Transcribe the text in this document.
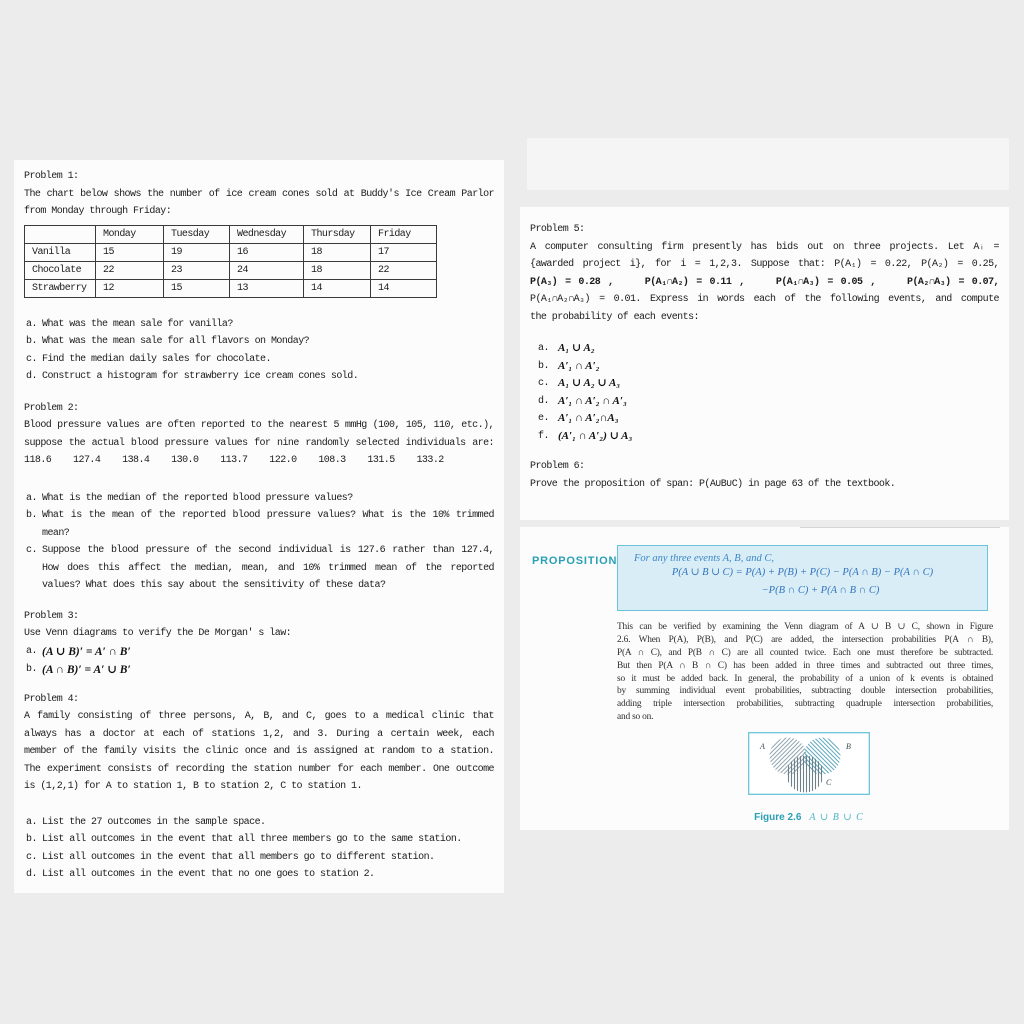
Problem 1:
The chart below shows the number of ice cream cones sold at Buddy's Ice Cream Parlor
from Monday through Friday:
	Monday	Tuesday	Wednesday	Thursday	Friday
Vanilla	15	19	16	18	17
Chocolate	22	23	24	18	22
Strawberry	12	15	13	14	14
a. What was the mean sale for vanilla?
b. What was the mean sale for all flavors on Monday?
c. Find the median daily sales for chocolate.
d. Construct a histogram for strawberry ice cream cones sold.
Problem 2:
Blood pressure values are often reported to the nearest 5 mmHg (100, 105, 110, etc.),
suppose the actual blood pressure values for nine randomly selected individuals are:
118.6    127.4    138.4    130.0    113.7    122.0    108.3    131.5    133.2
a. What is the median of the reported blood pressure values?
b. What is the mean of the reported blood pressure values? What is the 10% trimmed
mean?
c. Suppose the blood pressure of the second individual is 127.6 rather than 127.4,
How does this affect the median, mean, and 10% trimmed mean of the reported
values? What does this say about the sensitivity of these data?
Problem 3:
Use Venn diagrams to verify the De Morgan' s law:
a. (A ∪ B)′ = A′ ∩ B′
b. (A ∩ B)′ = A′ ∪ B′
Problem 4:
A family consisting of three persons, A, B, and C, goes to a medical clinic that
always has a doctor at each of stations 1,2, and 3. During a certain week, each
member of the family visits the clinic once and is assigned at random to a station.
The experiment consists of recording the station number for each member. One outcome
is (1,2,1) for A to station 1, B to station 2, C to station 1.
a. List the 27 outcomes in the sample space.
b. List all outcomes in the event that all three members go to the same station.
c. List all outcomes in the event that all members go to different station.
d. List all outcomes in the event that no one goes to station 2.
Problem 5:
A computer consulting firm presently has bids out on three projects. Let Aᵢ =
{awarded project i}, for i = 1,2,3. Suppose that: P(A₁) = 0.22, P(A₂) = 0.25,
P(A₃) = 0.28 ,    P(A₁∩A₂) = 0.11 ,    P(A₁∩A₃) = 0.05 ,    P(A₂∩A₃) = 0.07,
P(A₁∩A₂∩A₃) = 0.01. Express in words each of the following events, and compute
the probability of each events:
a. A₁ ∪ A₂
b. A′₁ ∩ A′₂
c. A₁ ∪ A₂ ∪ A₃
d. A′₁ ∩ A′₂ ∩ A′₃
e. A′₁ ∩ A′₂∩A₃
f. (A′₁ ∩ A′₂) ∪ A₃
Problem 6:
Prove the proposition of span: P(A∪B∪C) in page 63 of the textbook.
PROPOSITION For any three events A, B, and C,
P(A ∪ B ∪ C) = P(A) + P(B) + P(C) − P(A ∩ B) − P(A ∩ C)
−P(B ∩ C) + P(A ∩ B ∩ C)
This can be verified by examining the Venn diagram of A ∪ B ∪ C, shown in Figure
2.6. When P(A), P(B), and P(C) are added, the intersection probabilities P(A ∩ B),
P(A ∩ C), and P(B ∩ C) are all counted twice. Each one must therefore be subtracted.
But then P(A ∩ B ∩ C) has been added in three times and subtracted out three times,
so it must be added back. In general, the probability of a union of k events is obtained
by summing individual event probabilities, subtracting double intersection probabilities,
adding triple intersection probabilities, subtracting quadruple intersection probabilities,
and so on.
A	B
C
Figure 2.6 A ∪ B ∪ C
